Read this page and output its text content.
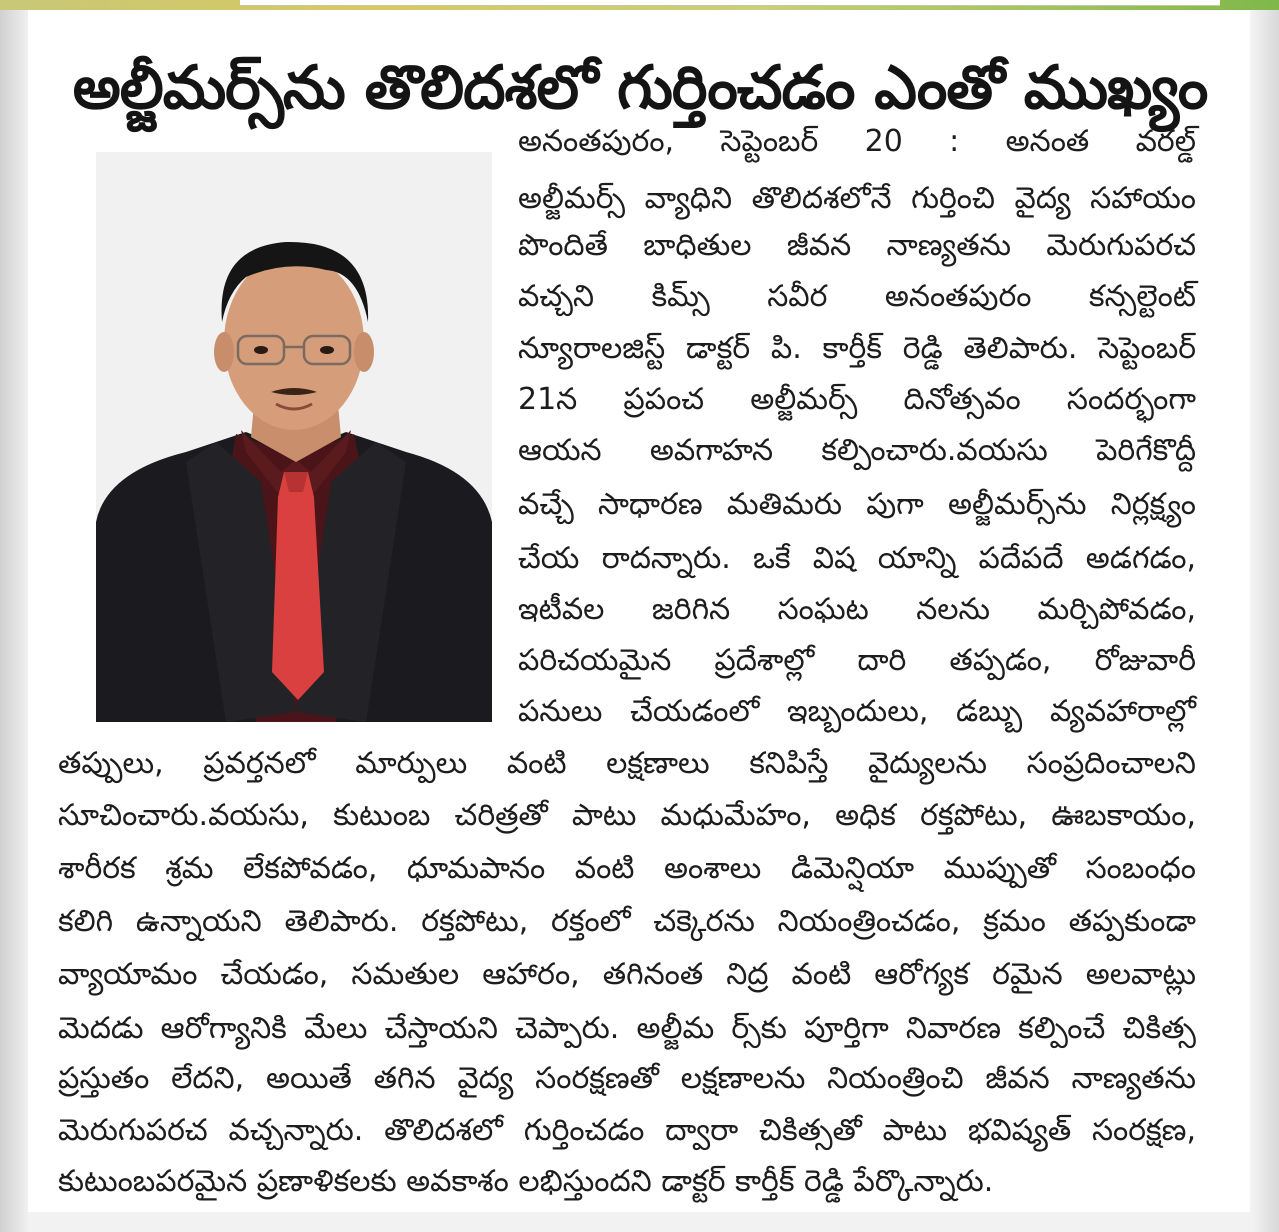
అల్జీమర్స్‌ను తొలిదశలో గుర్తించడం ఎంతో ముఖ్యం
అనంతపురం, సెప్టెంబర్ 20 : అనంత వరల్డ్
అల్జీమర్స్ వ్యాధిని తొలిదశలోనే గుర్తించి వైద్య సహాయం
పొందితే బాధితుల జీవన నాణ్యతను మెరుగుపరచ
వచ్చని కిమ్స్ సవీర అనంతపురం కన్సల్టెంట్
న్యూరాలజిస్ట్ డాక్టర్ పి. కార్తీక్ రెడ్డి తెలిపారు. సెప్టెంబర్
21న ప్రపంచ అల్జీమర్స్ దినోత్సవం సందర్భంగా
ఆయన అవగాహన కల్పించారు.వయసు పెరిగేకొద్దీ
వచ్చే సాధారణ మతిమరు పుగా అల్జీమర్స్‌ను నిర్లక్ష్యం
చేయ రాదన్నారు. ఒకే విష యాన్ని పదేపదే అడగడం,
ఇటీవల జరిగిన సంఘట నలను మర్చిపోవడం,
పరిచయమైన ప్రదేశాల్లో దారి తప్పడం, రోజువారీ
పనులు చేయడంలో ఇబ్బందులు, డబ్బు వ్యవహారాల్లో
తప్పులు, ప్రవర్తనలో మార్పులు వంటి లక్షణాలు కనిపిస్తే వైద్యులను సంప్రదించాలని
సూచించారు.వయసు, కుటుంబ చరిత్రతో పాటు మధుమేహం, అధిక రక్తపోటు, ఊబకాయం,
శారీరక శ్రమ లేకపోవడం, ధూమపానం వంటి అంశాలు డిమెన్షియా ముప్పుతో సంబంధం
కలిగి ఉన్నాయని తెలిపారు. రక్తపోటు, రక్తంలో చక్కెరను నియంత్రించడం, క్రమం తప్పకుండా
వ్యాయామం చేయడం, సమతుల ఆహారం, తగినంత నిద్ర వంటి ఆరోగ్యక రమైన అలవాట్లు
మెదడు ఆరోగ్యానికి మేలు చేస్తాయని చెప్పారు. అల్జీమ ర్స్‌కు పూర్తిగా నివారణ కల్పించే చికిత్స
ప్రస్తుతం లేదని, అయితే తగిన వైద్య సంరక్షణతో లక్షణాలను నియంత్రించి జీవన నాణ్యతను
మెరుగుపరచ వచ్చన్నారు. తొలిదశలో గుర్తించడం ద్వారా చికిత్సతో పాటు భవిష్యత్ సంరక్షణ,
కుటుంబపరమైన ప్రణాళికలకు అవకాశం లభిస్తుందని డాక్టర్ కార్తీక్ రెడ్డి పేర్కొన్నారు.
